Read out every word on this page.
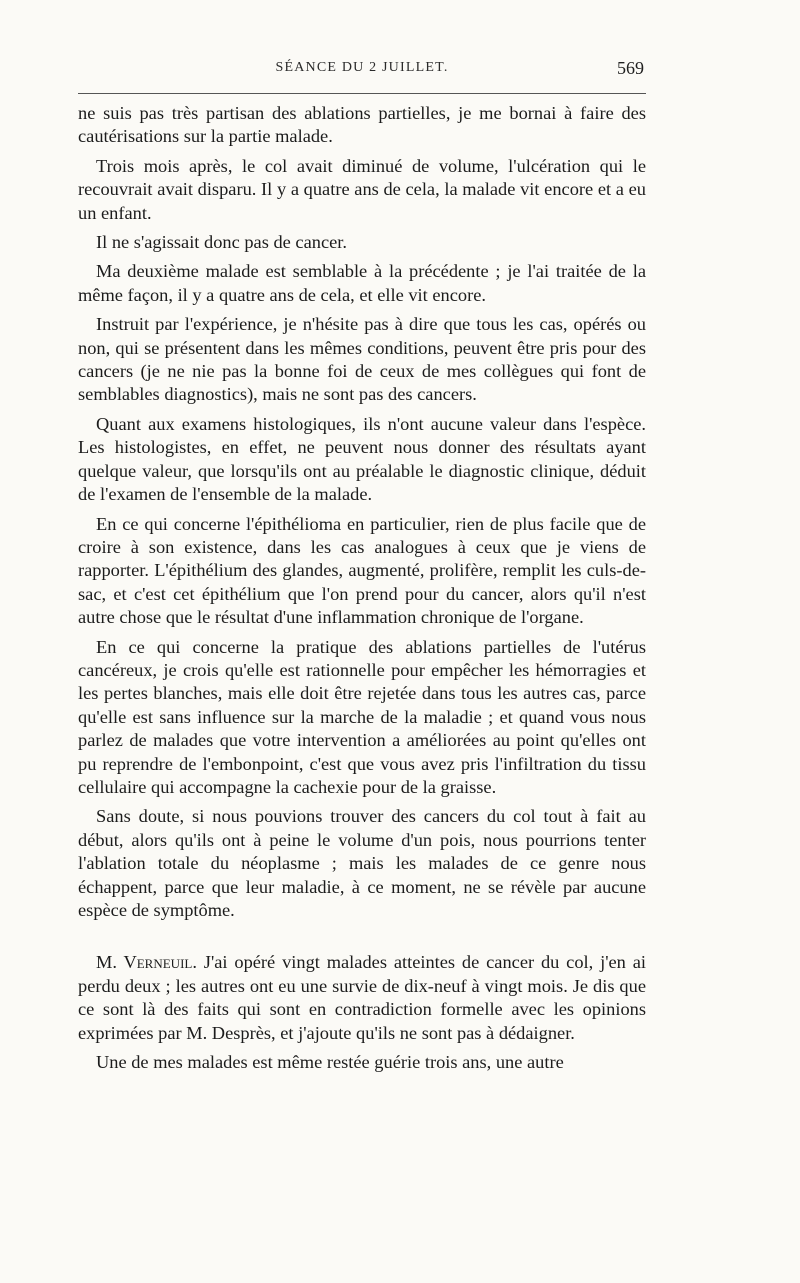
SÉANCE DU 2 JUILLET.	569

ne suis pas très partisan des ablations partielles, je me bornai à faire des cautérisations sur la partie malade.

Trois mois après, le col avait diminué de volume, l'ulcération qui le recouvrait avait disparu. Il y a quatre ans de cela, la malade vit encore et a eu un enfant.

Il ne s'agissait donc pas de cancer.

Ma deuxième malade est semblable à la précédente ; je l'ai traitée de la même façon, il y a quatre ans de cela, et elle vit encore.

Instruit par l'expérience, je n'hésite pas à dire que tous les cas, opérés ou non, qui se présentent dans les mêmes conditions, peuvent être pris pour des cancers (je ne nie pas la bonne foi de ceux de mes collègues qui font de semblables diagnostics), mais ne sont pas des cancers.

Quant aux examens histologiques, ils n'ont aucune valeur dans l'espèce. Les histologistes, en effet, ne peuvent nous donner des résultats ayant quelque valeur, que lorsqu'ils ont au préalable le diagnostic clinique, déduit de l'examen de l'ensemble de la malade.

En ce qui concerne l'épithélioma en particulier, rien de plus facile que de croire à son existence, dans les cas analogues à ceux que je viens de rapporter. L'épithélium des glandes, augmenté, prolifère, remplit les culs-de-sac, et c'est cet épithélium que l'on prend pour du cancer, alors qu'il n'est autre chose que le résultat d'une inflammation chronique de l'organe.

En ce qui concerne la pratique des ablations partielles de l'utérus cancéreux, je crois qu'elle est rationnelle pour empêcher les hémorragies et les pertes blanches, mais elle doit être rejetée dans tous les autres cas, parce qu'elle est sans influence sur la marche de la maladie ; et quand vous nous parlez de malades que votre intervention a améliorées au point qu'elles ont pu reprendre de l'embonpoint, c'est que vous avez pris l'infiltration du tissu cellulaire qui accompagne la cachexie pour de la graisse.

Sans doute, si nous pouvions trouver des cancers du col tout à fait au début, alors qu'ils ont à peine le volume d'un pois, nous pourrions tenter l'ablation totale du néoplasme ; mais les malades de ce genre nous échappent, parce que leur maladie, à ce moment, ne se révèle par aucune espèce de symptôme.

M. Verneuil. J'ai opéré vingt malades atteintes de cancer du col, j'en ai perdu deux ; les autres ont eu une survie de dix-neuf à vingt mois. Je dis que ce sont là des faits qui sont en contradiction formelle avec les opinions exprimées par M. Desprès, et j'ajoute qu'ils ne sont pas à dédaigner.

Une de mes malades est même restée guérie trois ans, une autre
